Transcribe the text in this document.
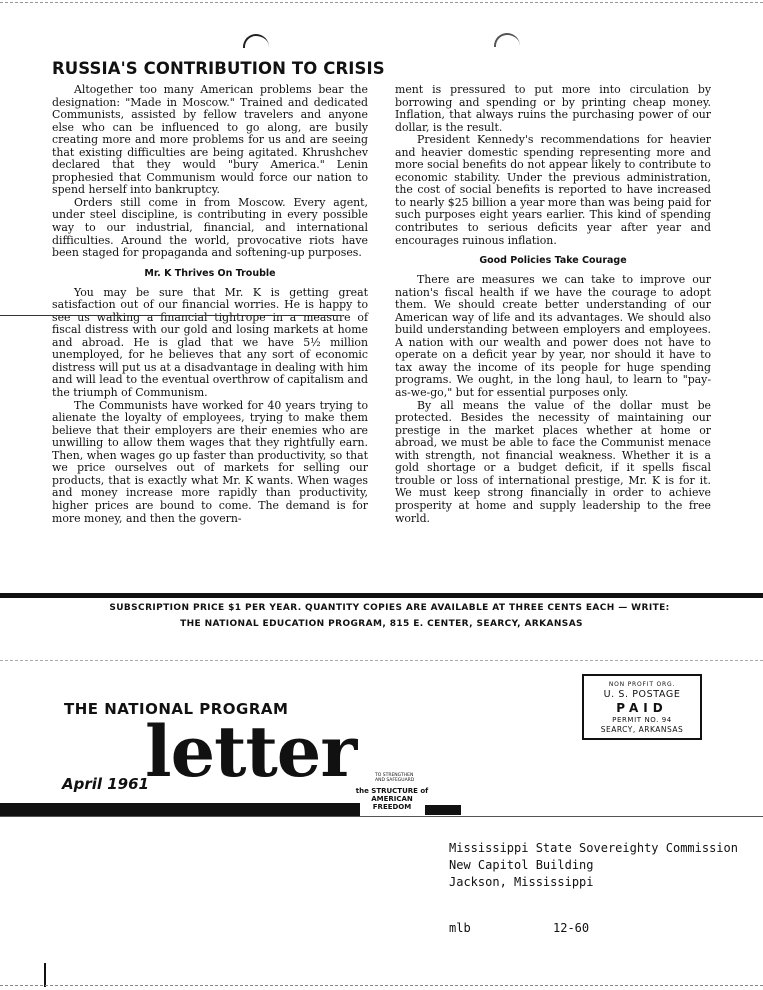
RUSSIA'S CONTRIBUTION TO CRISIS

Altogether too many American problems bear the designation: "Made in Moscow." Trained and dedicated Communists, assisted by fellow travelers and anyone else who can be influenced to go along, are busily creating more and more problems for us and are seeing that existing difficulties are being agitated. Khrushchev declared that they would "bury America." Lenin prophesied that Communism would force our nation to spend herself into bankruptcy.

Orders still come in from Moscow. Every agent, under steel discipline, is contributing in every possible way to our industrial, financial, and international difficulties. Around the world, provocative riots have been staged for propaganda and softening-up purposes.

Mr. K Thrives On Trouble

You may be sure that Mr. K is getting great satisfaction out of our financial worries. He is happy to see us walking a financial tightrope in a measure of fiscal distress with our gold and losing markets at home and abroad. He is glad that we have 5½ million unemployed, for he believes that any sort of economic distress will put us at a disadvantage in dealing with him and will lead to the eventual overthrow of capitalism and the triumph of Communism.

The Communists have worked for 40 years trying to alienate the loyalty of employees, trying to make them believe that their employers are their enemies who are unwilling to allow them wages that they rightfully earn. Then, when wages go up faster than productivity, so that we price ourselves out of markets for selling our products, that is exactly what Mr. K wants. When wages and money increase more rapidly than productivity, higher prices are bound to come. The demand is for more money, and then the govern-

ment is pressured to put more into circulation by borrowing and spending or by printing cheap money. Inflation, that always ruins the purchasing power of our dollar, is the result.

President Kennedy's recommendations for heavier and heavier domestic spending representing more and more social benefits do not appear likely to contribute to economic stability. Under the previous administration, the cost of social benefits is reported to have increased to nearly $25 billion a year more than was being paid for such purposes eight years earlier. This kind of spending contributes to serious deficits year after year and encourages ruinous inflation.

Good Policies Take Courage

There are measures we can take to improve our nation's fiscal health if we have the courage to adopt them. We should create better understanding of our American way of life and its advantages. We should also build understanding between employers and employees. A nation with our wealth and power does not have to operate on a deficit year by year, nor should it have to tax away the income of its people for huge spending programs. We ought, in the long haul, to learn to "pay-as-we-go," but for essential purposes only.

By all means the value of the dollar must be protected. Besides the necessity of maintaining our prestige in the market places whether at home or abroad, we must be able to face the Communist menace with strength, not financial weakness. Whether it is a gold shortage or a budget deficit, if it spells fiscal trouble or loss of international prestige, Mr. K is for it. We must keep strong financially in order to achieve prosperity at home and supply leadership to the free world.

SUBSCRIPTION PRICE $1 PER YEAR. QUANTITY COPIES ARE AVAILABLE AT THREE CENTS EACH — WRITE:
THE NATIONAL EDUCATION PROGRAM, 815 E. CENTER, SEARCY, ARKANSAS
THE NATIONAL PROGRAM
letter
April 1961	TO STRENGTHEN AND SAFEGUARD
the STRUCTURE of
AMERICAN
FREEDOM
NON PROFIT ORG.
U. S. POSTAGE
PAID
PERMIT NO. 94
SEARCY, ARKANSAS
Mississippi State Sovereighty Commission
New Capitol Building
Jackson, Mississippi
mlb	12-60
